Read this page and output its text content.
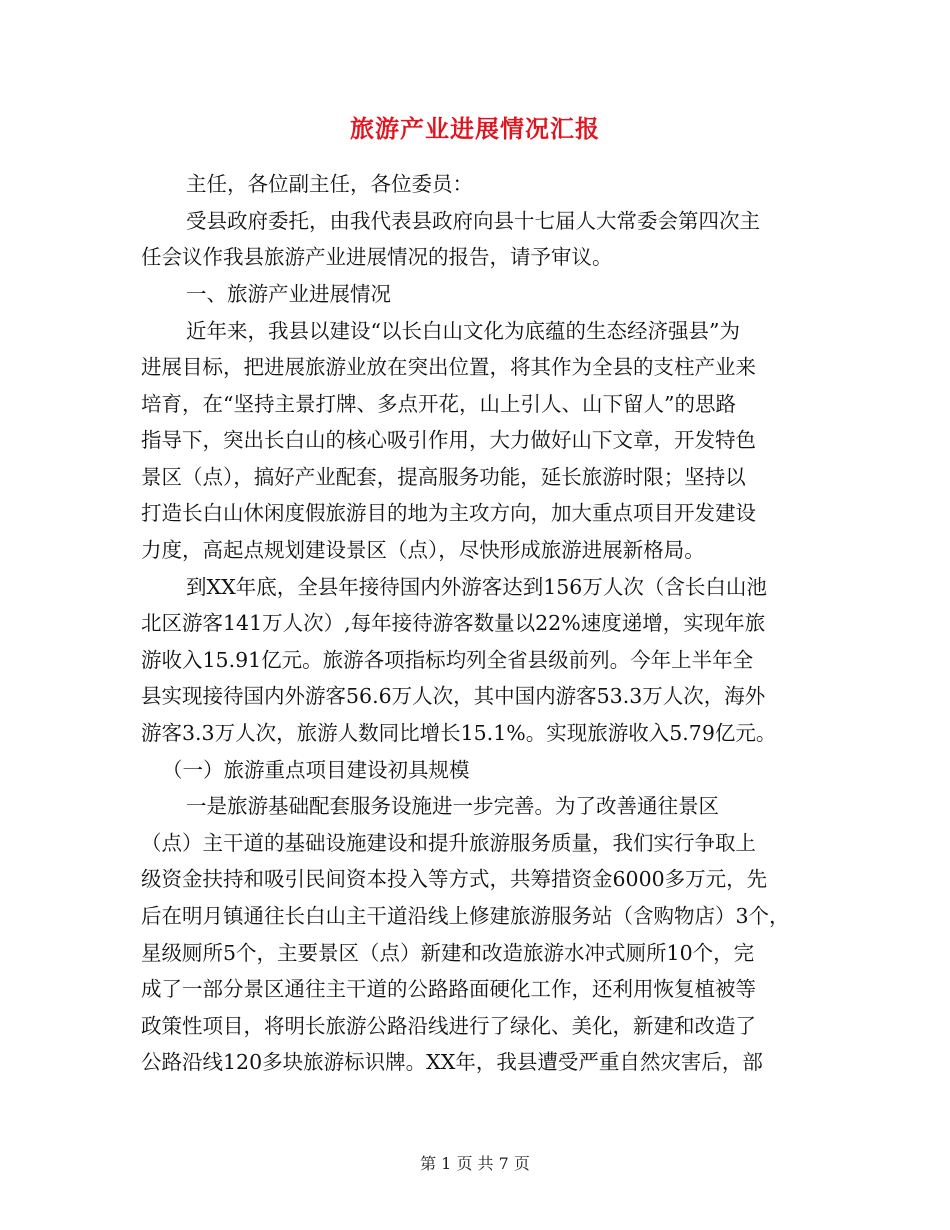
旅游产业进展情况汇报
主任，各位副主任，各位委员：
受县政府委托，由我代表县政府向县十七届人大常委会第四次主
任会议作我县旅游产业进展情况的报告，请予审议。
一、旅游产业进展情况
近年来，我县以建设“以长白山文化为底蕴的生态经济强县”为
进展目标，把进展旅游业放在突出位置，将其作为全县的支柱产业来
培育，在“坚持主景打牌、多点开花，山上引人、山下留人”的思路
指导下，突出长白山的核心吸引作用，大力做好山下文章，开发特色
景区（点），搞好产业配套，提高服务功能，延长旅游时限；坚持以
打造长白山休闲度假旅游目的地为主攻方向，加大重点项目开发建设
力度，高起点规划建设景区（点），尽快形成旅游进展新格局。
到XX年底，全县年接待国内外游客达到156万人次（含长白山池
北区游客141万人次）,每年接待游客数量以22%速度递增，实现年旅
游收入15.91亿元。旅游各项指标均列全省县级前列。今年上半年全
县实现接待国内外游客56.6万人次，其中国内游客53.3万人次，海外
游客3.3万人次，旅游人数同比增长15.1%。实现旅游收入5.79亿元。
（一）旅游重点项目建设初具规模
一是旅游基础配套服务设施进一步完善。为了改善通往景区
（点）主干道的基础设施建设和提升旅游服务质量，我们实行争取上
级资金扶持和吸引民间资本投入等方式，共筹措资金6000多万元，先
后在明月镇通往长白山主干道沿线上修建旅游服务站（含购物店）3个，
星级厕所5个，主要景区（点）新建和改造旅游水冲式厕所10个，完
成了一部分景区通往主干道的公路路面硬化工作，还利用恢复植被等
政策性项目，将明长旅游公路沿线进行了绿化、美化，新建和改造了
公路沿线120多块旅游标识牌。XX年，我县遭受严重自然灾害后，部
第 1 页 共 7 页
